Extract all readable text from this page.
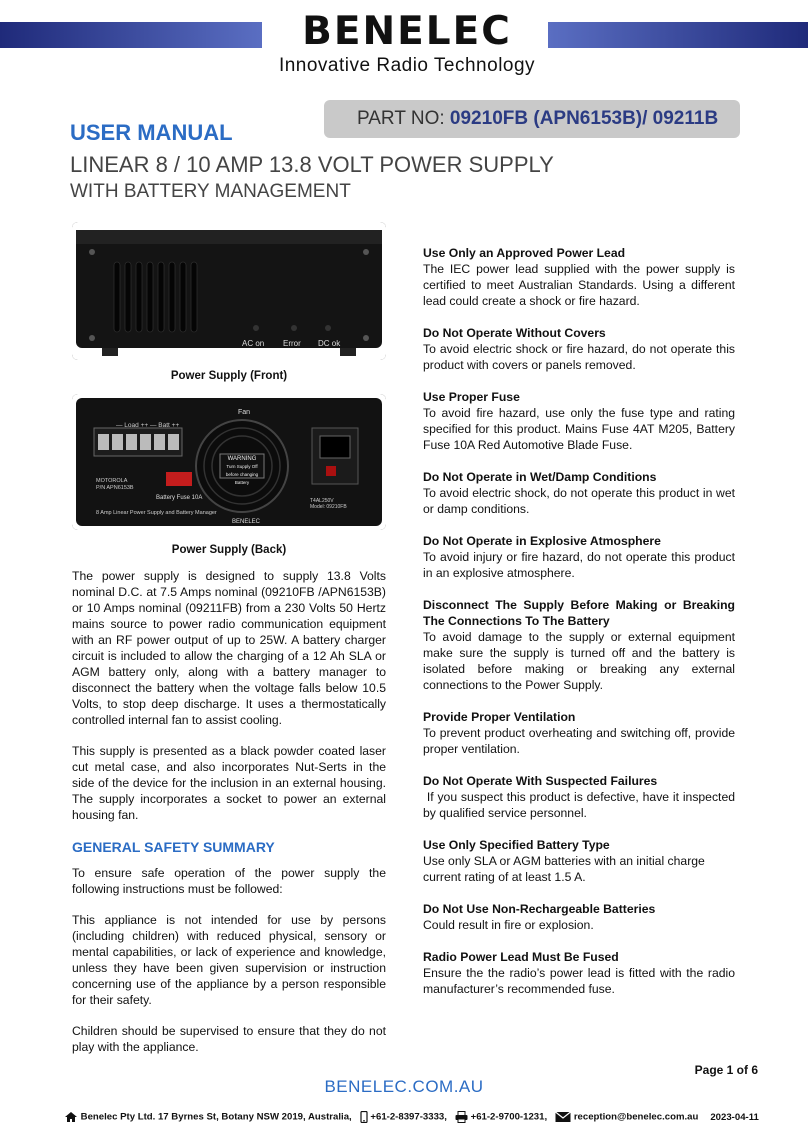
BENELEC
Innovative Radio Technology
PART NO: 09210FB (APN6153B)/ 09211B
USER MANUAL
LINEAR 8 / 10 AMP 13.8 VOLT POWER SUPPLY
WITH BATTERY MANAGEMENT
AC on Error DC ok
Power Supply (Front)
— Load ++ — Batt ++
Fan
WARNING
Turn Supply Off before changing Battery
MOTOROLA
P/N APN6153B
Battery Fuse 10A
8 Amp Linear Power Supply and Battery Manager
BENELEC
T4AL250V
Model: 09210FB
Power Supply (Back)
The power supply is designed to supply 13.8 Volts nominal D.C. at 7.5 Amps nominal (09210FB /APN6153B) or 10 Amps nominal (09211FB) from a 230 Volts 50 Hertz mains source to power radio communication equipment with an RF power output of up to 25W. A battery charger circuit is included to allow the charging of a 12 Ah SLA or AGM battery only, along with a battery manager to disconnect the battery when the voltage falls below 10.5 Volts, to stop deep discharge. It uses a thermostatically controlled internal fan to assist cooling.
This supply is presented as a black powder coated laser cut metal case, and also incorporates Nut-Serts in the side of the device for the inclusion in an external housing. The supply incorporates a socket to power an external housing fan.
GENERAL SAFETY SUMMARY
To ensure safe operation of the power supply the following instructions must be followed:
This appliance is not intended for use by persons (including children) with reduced physical, sensory or mental capabilities, or lack of experience and knowledge, unless they have been given supervision or instruction concerning use of the appliance by a person responsible for their safety.
Children should be supervised to ensure that they do not play with the appliance.
Use Only an Approved Power Lead
The IEC power lead supplied with the power supply is certified to meet Australian Standards. Using a different lead could create a shock or fire hazard.
Do Not Operate Without Covers
To avoid electric shock or fire hazard, do not operate this product with covers or panels removed.
Use Proper Fuse
To avoid fire hazard, use only the fuse type and rating specified for this product. Mains Fuse 4AT M205, Battery Fuse 10A Red Automotive Blade Fuse.
Do Not Operate in Wet/Damp Conditions
To avoid electric shock, do not operate this product in wet or damp conditions.
Do Not Operate in Explosive Atmosphere
To avoid injury or fire hazard, do not operate this product in an explosive atmosphere.
Disconnect The Supply Before Making or Breaking The Connections To The Battery
To avoid damage to the supply or external equipment make sure the supply is turned off and the battery is isolated before making or breaking any external connections to the Power Supply.
Provide Proper Ventilation
To prevent product overheating and switching off, provide proper ventilation.
Do Not Operate With Suspected Failures
If you suspect this product is defective, have it inspected by qualified service personnel.
Use Only Specified Battery Type
Use only SLA or AGM batteries with an initial charge current rating of at least 1.5 A.
Do Not Use Non-Rechargeable Batteries
Could result in fire or explosion.
Radio Power Lead Must Be Fused
Ensure the the radio’s power lead is fitted with the radio manufacturer’s recommended fuse.
Page 1 of 6
BENELEC.COM.AU
Benelec Pty Ltd. 17 Byrnes St, Botany NSW 2019, Australia,	+61-2-8397-3333,	+61-2-9700-1231,	reception@benelec.com.au 2023-04-11
